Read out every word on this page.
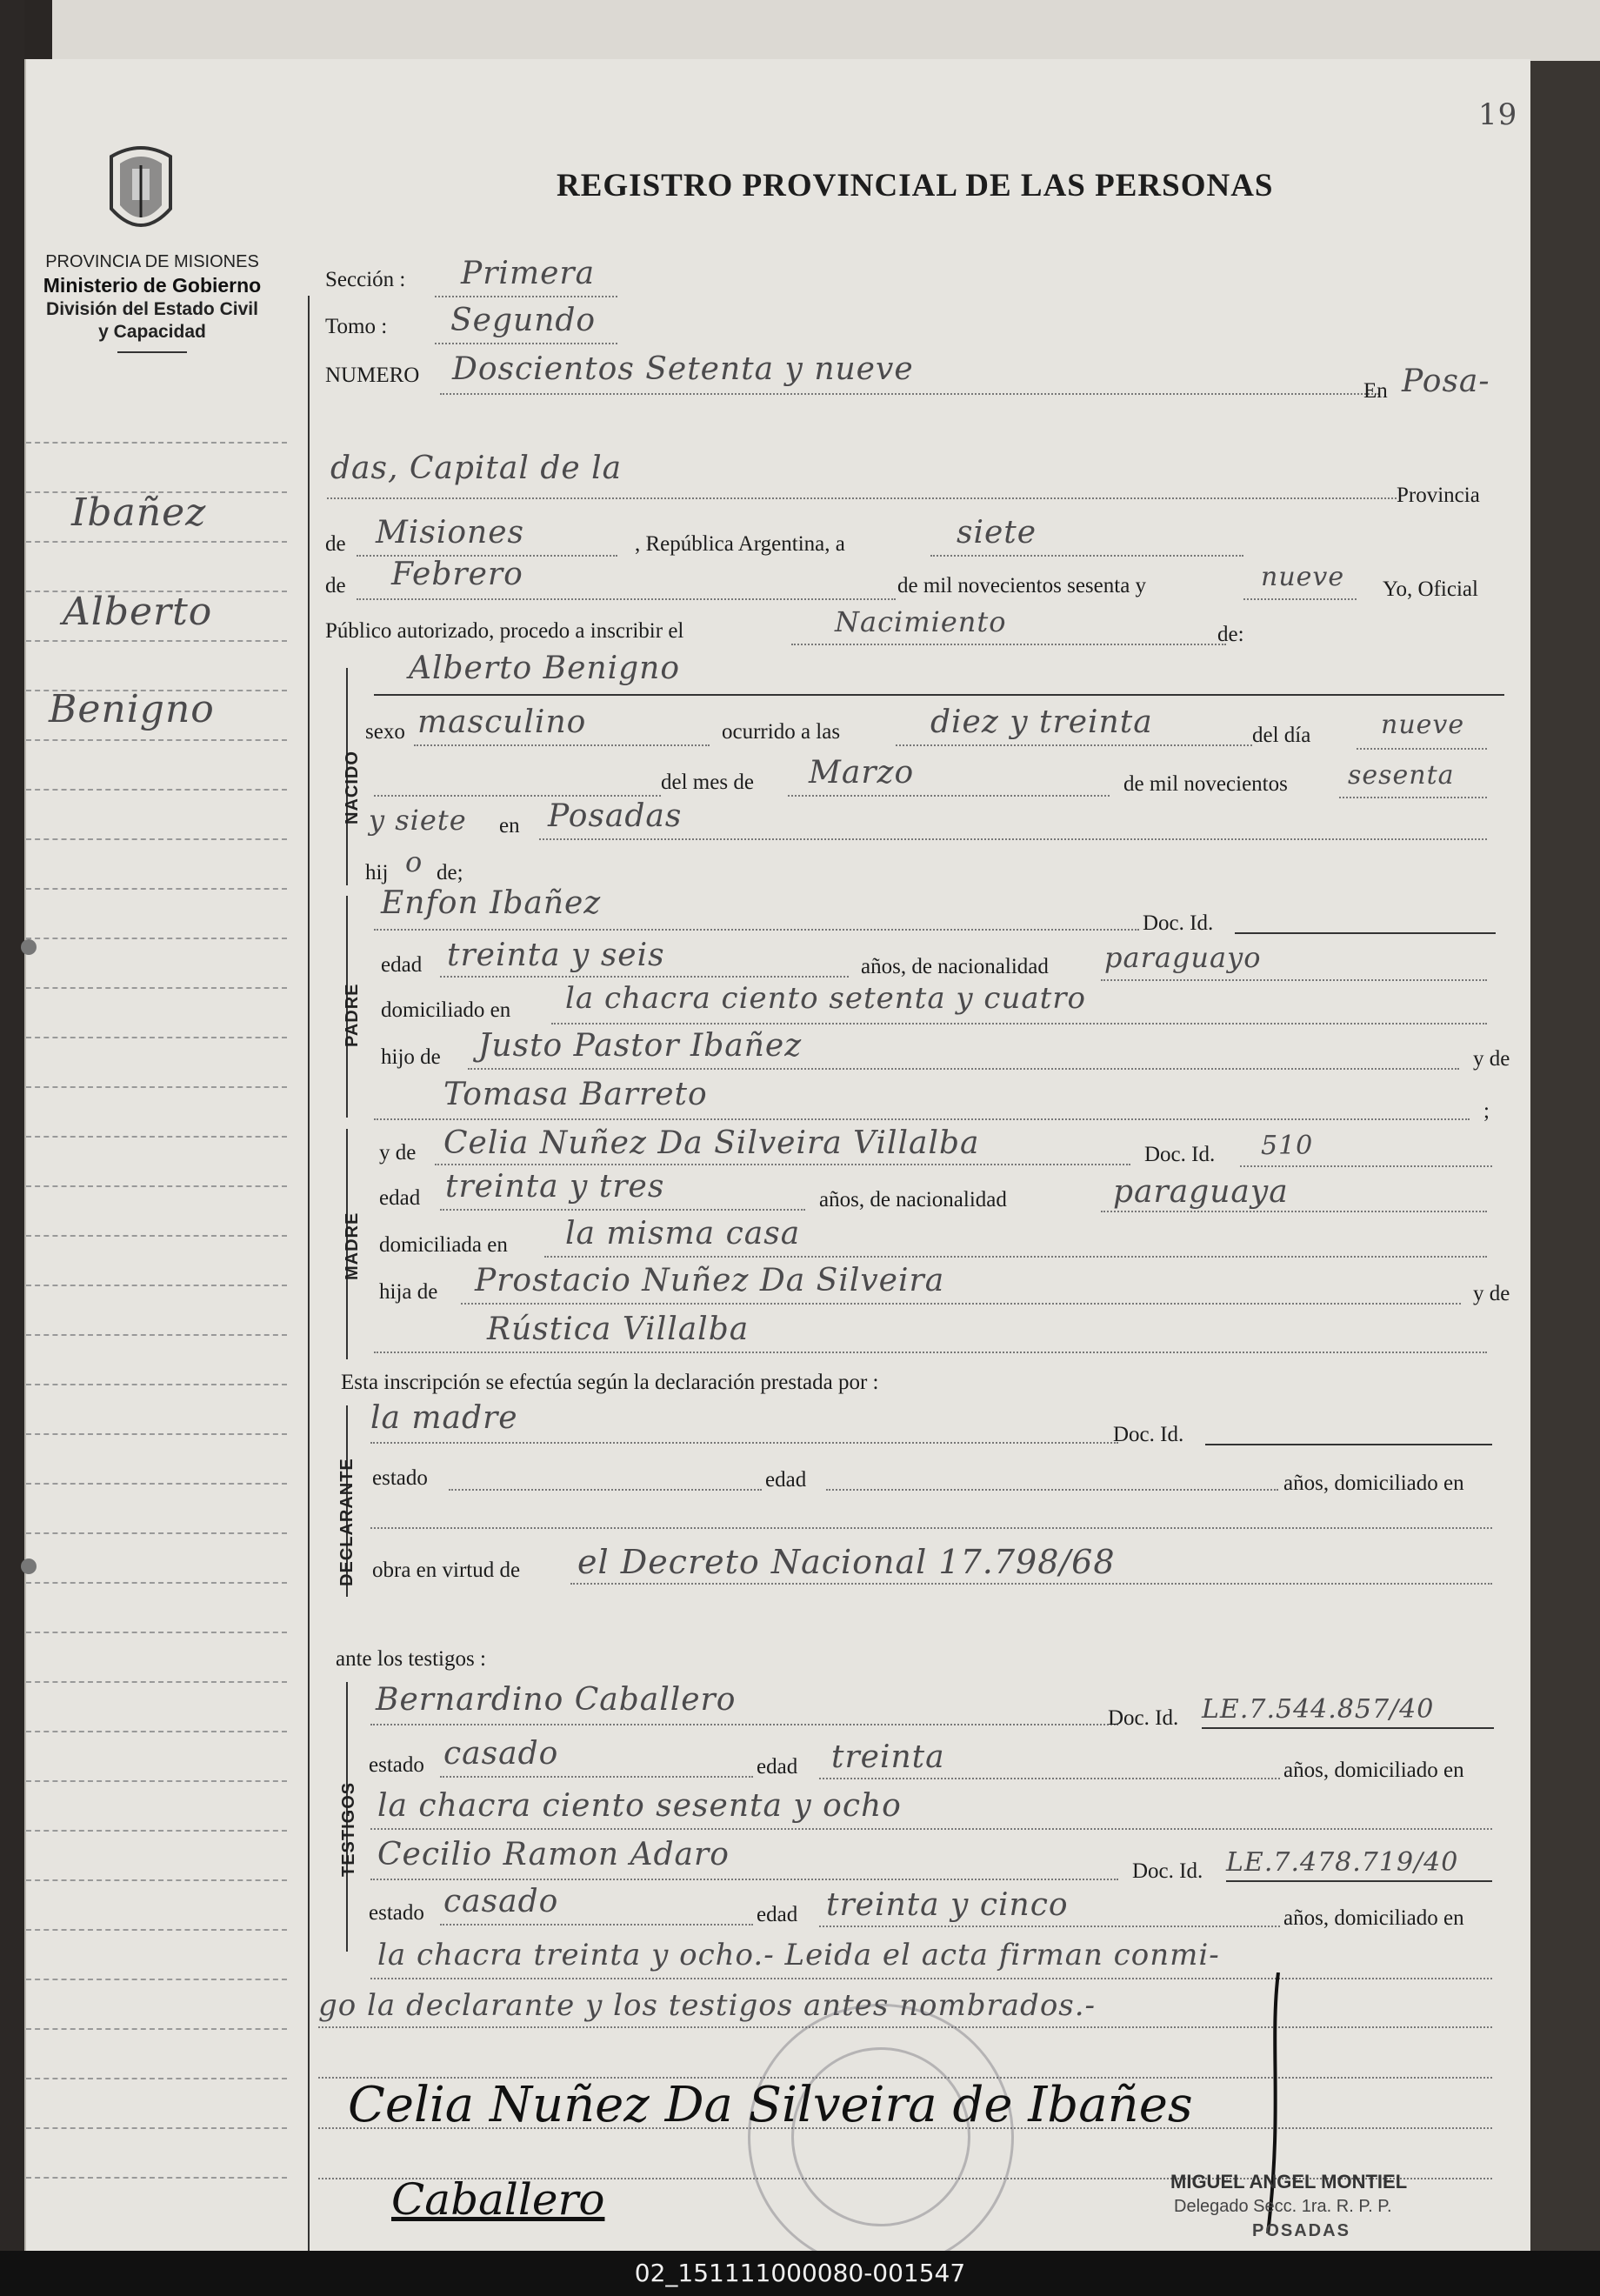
19
PROVINCIA DE MISIONES
Ministerio de Gobierno
División del Estado Civil
y Capacidad
REGISTRO PROVINCIAL DE LAS PERSONAS
Ibañez
Alberto
Benigno
Sección : Primera
Tomo : Segundo
NUMERO Doscientos Setenta y nueve
En Posa-
das, Capital de la
Provincia
de Misiones	, República Argentina, a	siete
de Febrero	de mil novecientos sesenta y	nueve Yo, Oficial
Público autorizado, procedo a inscribir el	Nacimiento	de:
NACIDO
Alberto Benigno
sexo masculino	ocurrido a las	diez y treinta	del día	nueve
del mes de Marzo	de mil novecientos sesenta
y siete en Posadas
hij o de;
PADRE
Enfon Ibañez
Doc. Id.
edad treinta y seis	años, de nacionalidad paraguayo
domiciliado en la chacra ciento setenta y cuatro
hijo de Justo Pastor Ibañez	y de
Tomasa Barreto	;
MADRE
y de Celia Nuñez Da Silveira Villalba	Doc. Id. 510
edad treinta y tres	años, de nacionalidad	paraguaya
domiciliada en la misma casa
hija de Prostacio Nuñez Da Silveira	y de
Rústica Villalba
Esta inscripción se efectúa según la declaración prestada por :
DECLARANTE
la madre	Doc. Id.
estado	edad	años, domiciliado en
obra en virtud de el Decreto Nacional 17.798/68
ante los testigos :
TESTIGOS
Bernardino Caballero
Doc. Id. LE.7.544.857/40
estado casado	edad treinta	años, domiciliado en
la chacra ciento sesenta y ocho
Cecilio Ramon Adaro	Doc. Id. LE.7.478.719/40
estado casado	edad treinta y cinco	años, domiciliado en
la chacra treinta y ocho.- Leida el acta firman conmi-
go la declarante y los testigos antes nombrados.-
Celia Nuñez Da Silveira de Ibañes
Caballero	MIGUEL ANGEL MONTIEL
Delegado Secc. 1ra. R. P. P.
POSADAS
02_151111000080-001547
